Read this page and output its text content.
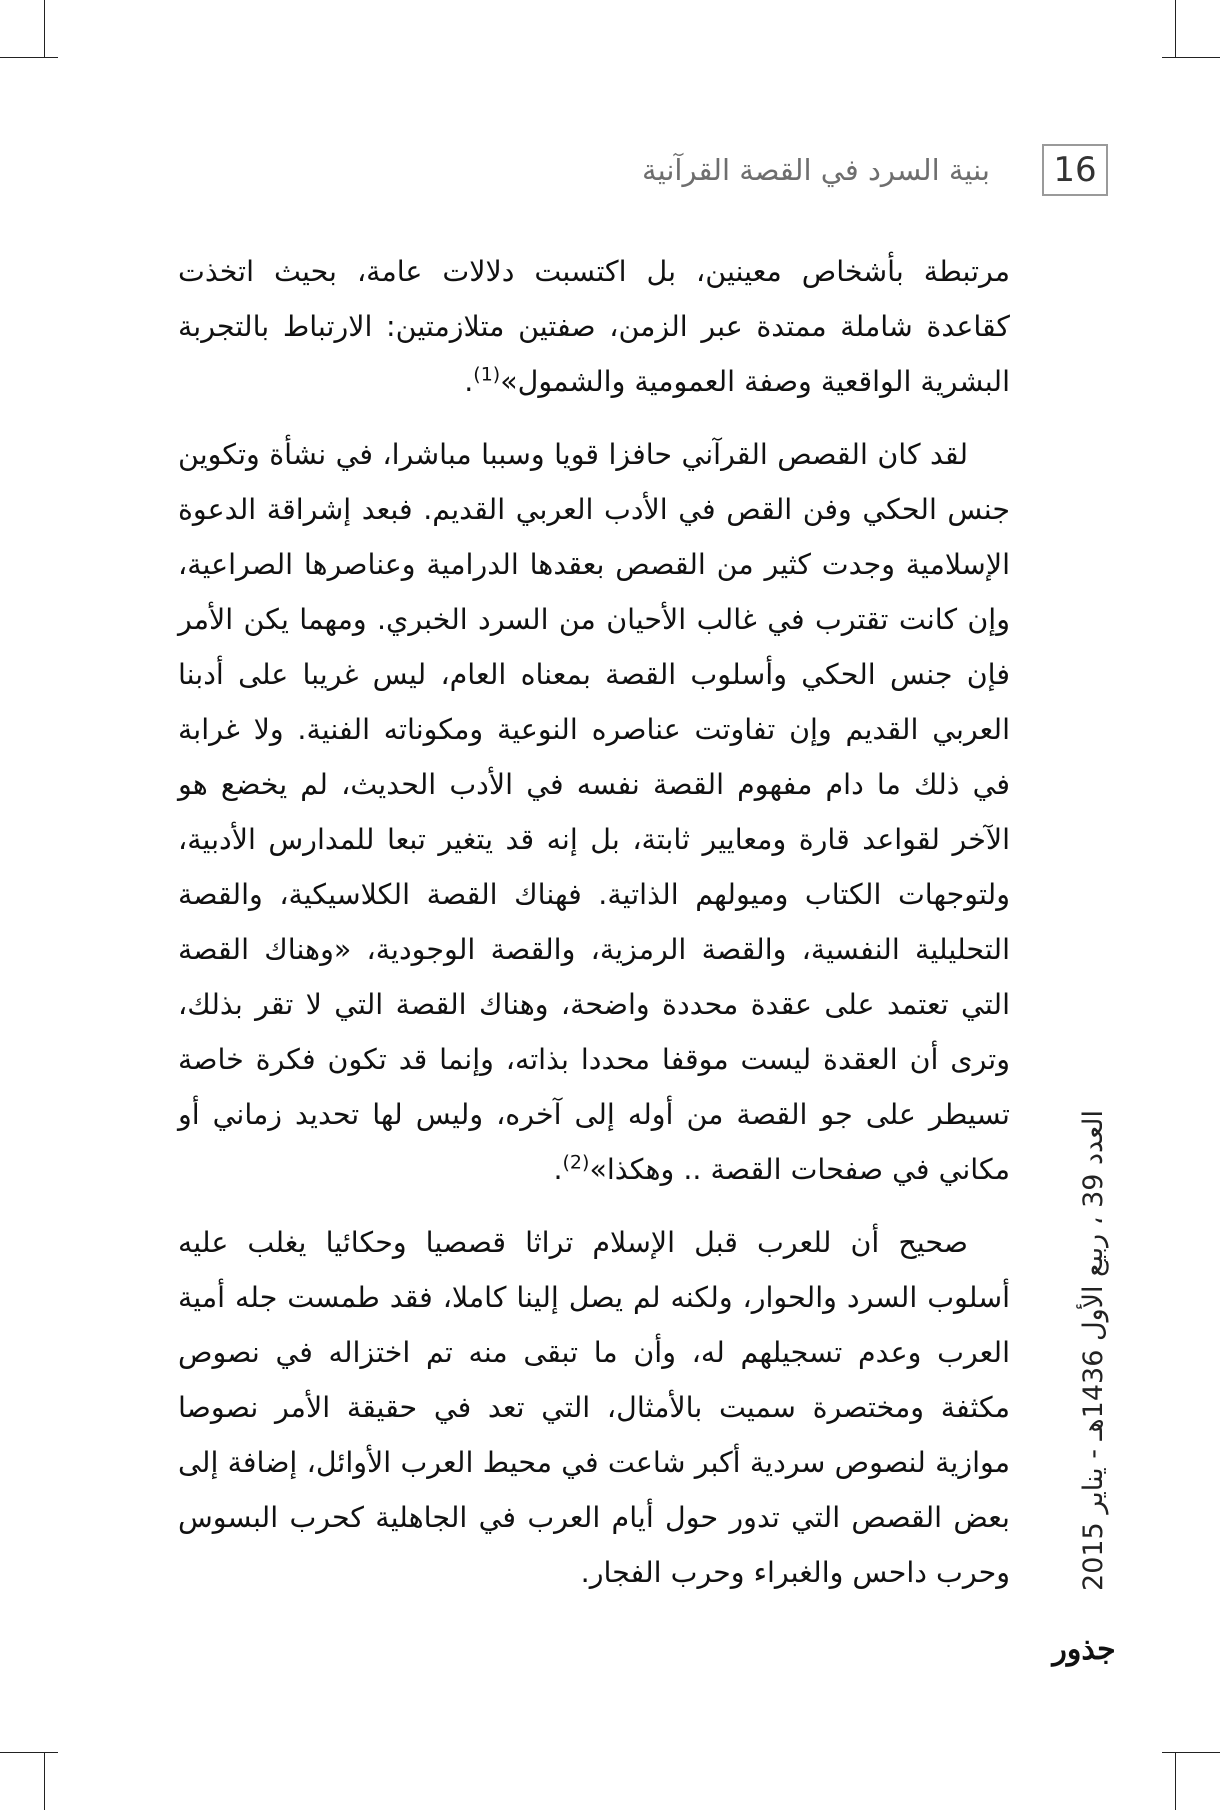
16
بنية السرد في القصة القرآنية

مرتبطة بأشخاص معينين، بل اكتسبت دلالات عامة، بحيث اتخذت كقاعدة شاملة ممتدة عبر الزمن، صفتين متلازمتين: الارتباط بالتجربة البشرية الواقعية وصفة العمومية والشمول»$^{(1)}$.

لقد كان القصص القرآني حافزا قويا وسببا مباشرا، في نشأة وتكوين جنس الحكي وفن القص في الأدب العربي القديم. فبعد إشراقة الدعوة الإسلامية وجدت كثير من القصص بعقدها الدرامية وعناصرها الصراعية، وإن كانت تقترب في غالب الأحيان من السرد الخبري. ومهما يكن الأمر فإن جنس الحكي وأسلوب القصة بمعناه العام، ليس غريبا على أدبنا العربي القديم وإن تفاوتت عناصره النوعية ومكوناته الفنية. ولا غرابة في ذلك ما دام مفهوم القصة نفسه في الأدب الحديث، لم يخضع هو الآخر لقواعد قارة ومعايير ثابتة، بل إنه قد يتغير تبعا للمدارس الأدبية، ولتوجهات الكتاب وميولهم الذاتية. فهناك القصة الكلاسيكية، والقصة التحليلية النفسية، والقصة الرمزية، والقصة الوجودية، «وهناك القصة التي تعتمد على عقدة محددة واضحة، وهناك القصة التي لا تقر بذلك، وترى أن العقدة ليست موقفا محددا بذاته، وإنما قد تكون فكرة خاصة تسيطر على جو القصة من أوله إلى آخره، وليس لها تحديد زماني أو مكاني في صفحات القصة .. وهكذا»$^{(2)}$.

صحيح أن للعرب قبل الإسلام تراثا قصصيا وحكائيا يغلب عليه أسلوب السرد والحوار، ولكنه لم يصل إلينا كاملا، فقد طمست جله أمية العرب وعدم تسجيلهم له، وأن ما تبقى منه تم اختزاله في نصوص مكثفة ومختصرة سميت بالأمثال، التي تعد في حقيقة الأمر نصوصا موازية لنصوص سردية أكبر شاعت في محيط العرب الأوائل، إضافة إلى بعض القصص التي تدور حول أيام العرب في الجاهلية كحرب البسوس وحرب داحس والغبراء وحرب الفجار.	العدد 39 ، ربيع الأول 1436هـ - يناير 2015
جذور
